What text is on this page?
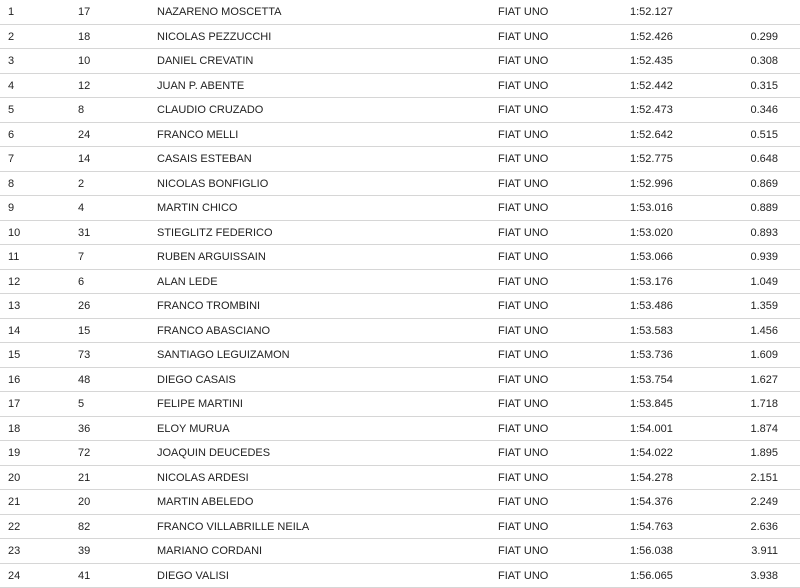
1	17	NAZARENO MOSCETTA	FIAT UNO	1:52.127
2	18	NICOLAS PEZZUCCHI	FIAT UNO	1:52.426	0.299
3	10	DANIEL CREVATIN	FIAT UNO	1:52.435	0.308
4	12	JUAN P. ABENTE	FIAT UNO	1:52.442	0.315
5	8	CLAUDIO CRUZADO	FIAT UNO	1:52.473	0.346
6	24	FRANCO MELLI	FIAT UNO	1:52.642	0.515
7	14	CASAIS ESTEBAN	FIAT UNO	1:52.775	0.648
8	2	NICOLAS BONFIGLIO	FIAT UNO	1:52.996	0.869
9	4	MARTIN CHICO	FIAT UNO	1:53.016	0.889
10	31	STIEGLITZ FEDERICO	FIAT UNO	1:53.020	0.893
11	7	RUBEN ARGUISSAIN	FIAT UNO	1:53.066	0.939
12	6	ALAN LEDE	FIAT UNO	1:53.176	1.049
13	26	FRANCO TROMBINI	FIAT UNO	1:53.486	1.359
14	15	FRANCO ABASCIANO	FIAT UNO	1:53.583	1.456
15	73	SANTIAGO LEGUIZAMON	FIAT UNO	1:53.736	1.609
16	48	DIEGO CASAIS	FIAT UNO	1:53.754	1.627
17	5	FELIPE MARTINI	FIAT UNO	1:53.845	1.718
18	36	ELOY MURUA	FIAT UNO	1:54.001	1.874
19	72	JOAQUIN DEUCEDES	FIAT UNO	1:54.022	1.895
20	21	NICOLAS ARDESI	FIAT UNO	1:54.278	2.151
21	20	MARTIN ABELEDO	FIAT UNO	1:54.376	2.249
22	82	FRANCO VILLABRILLE NEILA	FIAT UNO	1:54.763	2.636
23	39	MARIANO CORDANI	FIAT UNO	1:56.038	3.911
24	41	DIEGO VALISI	FIAT UNO	1:56.065	3.938
